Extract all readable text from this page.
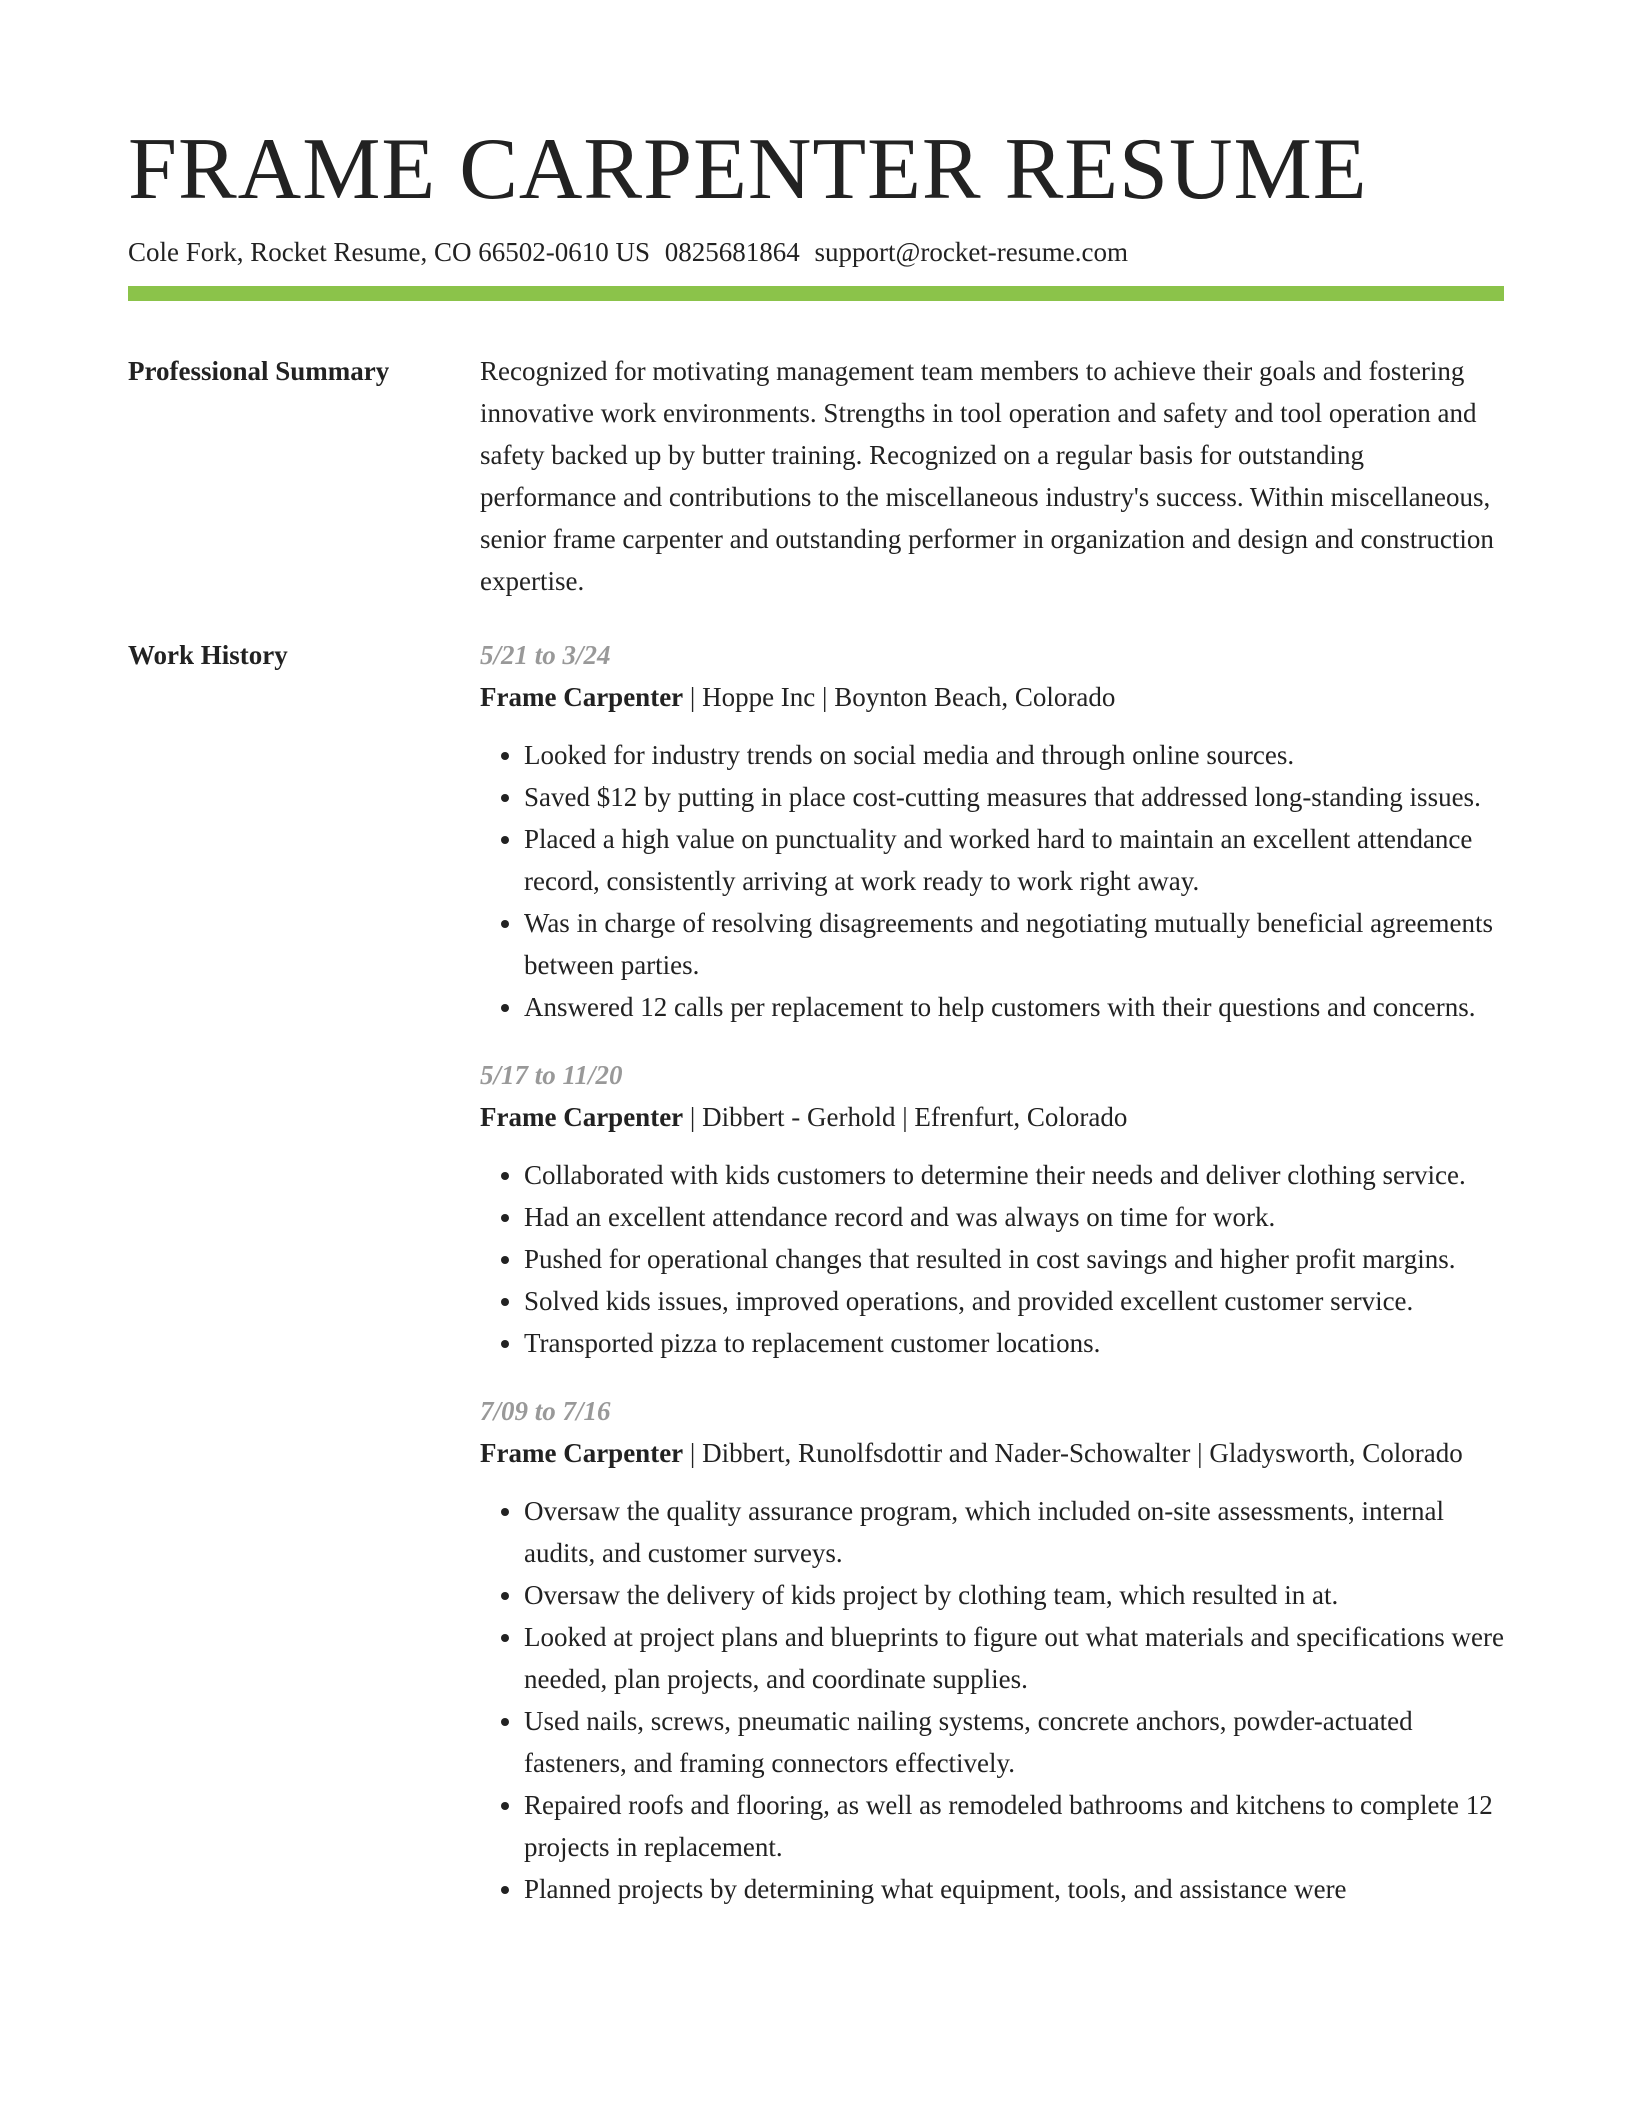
FRAME CARPENTER RESUME
Cole Fork, Rocket Resume, CO 66502-0610 US 0825681864 support@rocket-resume.com
Professional Summary	Recognized for motivating management team members to achieve their goals and fostering innovative work environments. Strengths in tool operation and safety and tool operation and safety backed up by butter training. Recognized on a regular basis for outstanding performance and contributions to the miscellaneous industry's success. Within miscellaneous, senior frame carpenter and outstanding performer in organization and design and construction expertise.

Work History	5/21 to 3/24
Frame Carpenter | Hoppe Inc | Boynton Beach, Colorado
• Looked for industry trends on social media and through online sources.
• Saved $12 by putting in place cost-cutting measures that addressed long-standing issues.
• Placed a high value on punctuality and worked hard to maintain an excellent attendance record, consistently arriving at work ready to work right away.
• Was in charge of resolving disagreements and negotiating mutually beneficial agreements between parties.
• Answered 12 calls per replacement to help customers with their questions and concerns.
5/17 to 11/20
Frame Carpenter | Dibbert - Gerhold | Efrenfurt, Colorado
• Collaborated with kids customers to determine their needs and deliver clothing service.
• Had an excellent attendance record and was always on time for work.
• Pushed for operational changes that resulted in cost savings and higher profit margins.
• Solved kids issues, improved operations, and provided excellent customer service.
• Transported pizza to replacement customer locations.
7/09 to 7/16
Frame Carpenter | Dibbert, Runolfsdottir and Nader-Schowalter | Gladysworth, Colorado
• Oversaw the quality assurance program, which included on-site assessments, internal audits, and customer surveys.
• Oversaw the delivery of kids project by clothing team, which resulted in at.
• Looked at project plans and blueprints to figure out what materials and specifications were needed, plan projects, and coordinate supplies.
• Used nails, screws, pneumatic nailing systems, concrete anchors, powder-actuated fasteners, and framing connectors effectively.
• Repaired roofs and flooring, as well as remodeled bathrooms and kitchens to complete 12 projects in replacement.
• Planned projects by determining what equipment, tools, and assistance were
